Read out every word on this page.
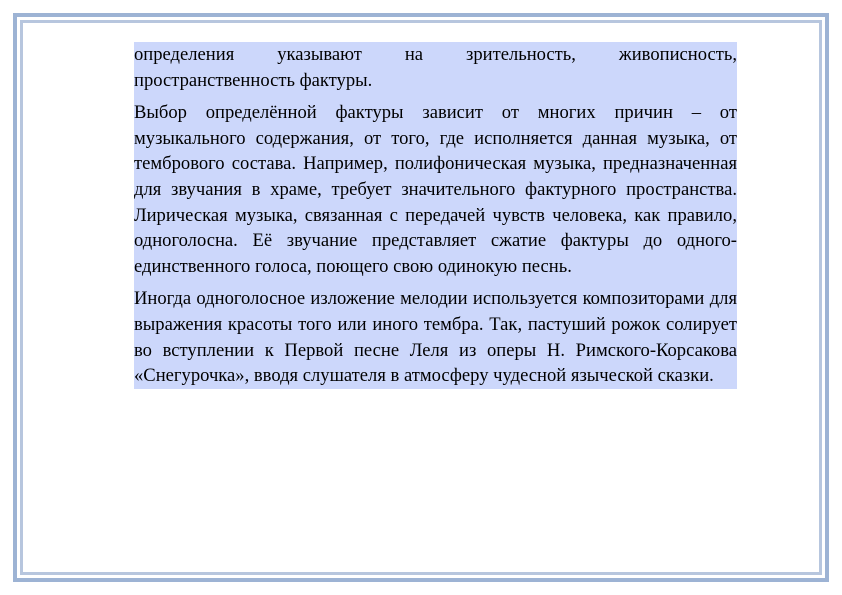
определения указывают на зрительность, живописность, пространственность фактуры.

Выбор определённой фактуры зависит от многих причин – от музыкального содержания, от того, где исполняется данная музыка, от тембрового состава. Например, полифоническая музыка, предназначенная для звучания в храме, требует значительного фактурного пространства. Лирическая музыка, связанная с передачей чувств человека, как правило, одноголосна. Её звучание представляет сжатие фактуры до одного-единственного голоса, поющего свою одинокую песнь.

Иногда одноголосное изложение мелодии используется композиторами для выражения красоты того или иного тембра. Так, пастуший рожок солирует во вступлении к Первой песне Леля из оперы Н. Римского-Корсакова «Снегурочка», вводя слушателя в атмосферу чудесной языческой сказки.
